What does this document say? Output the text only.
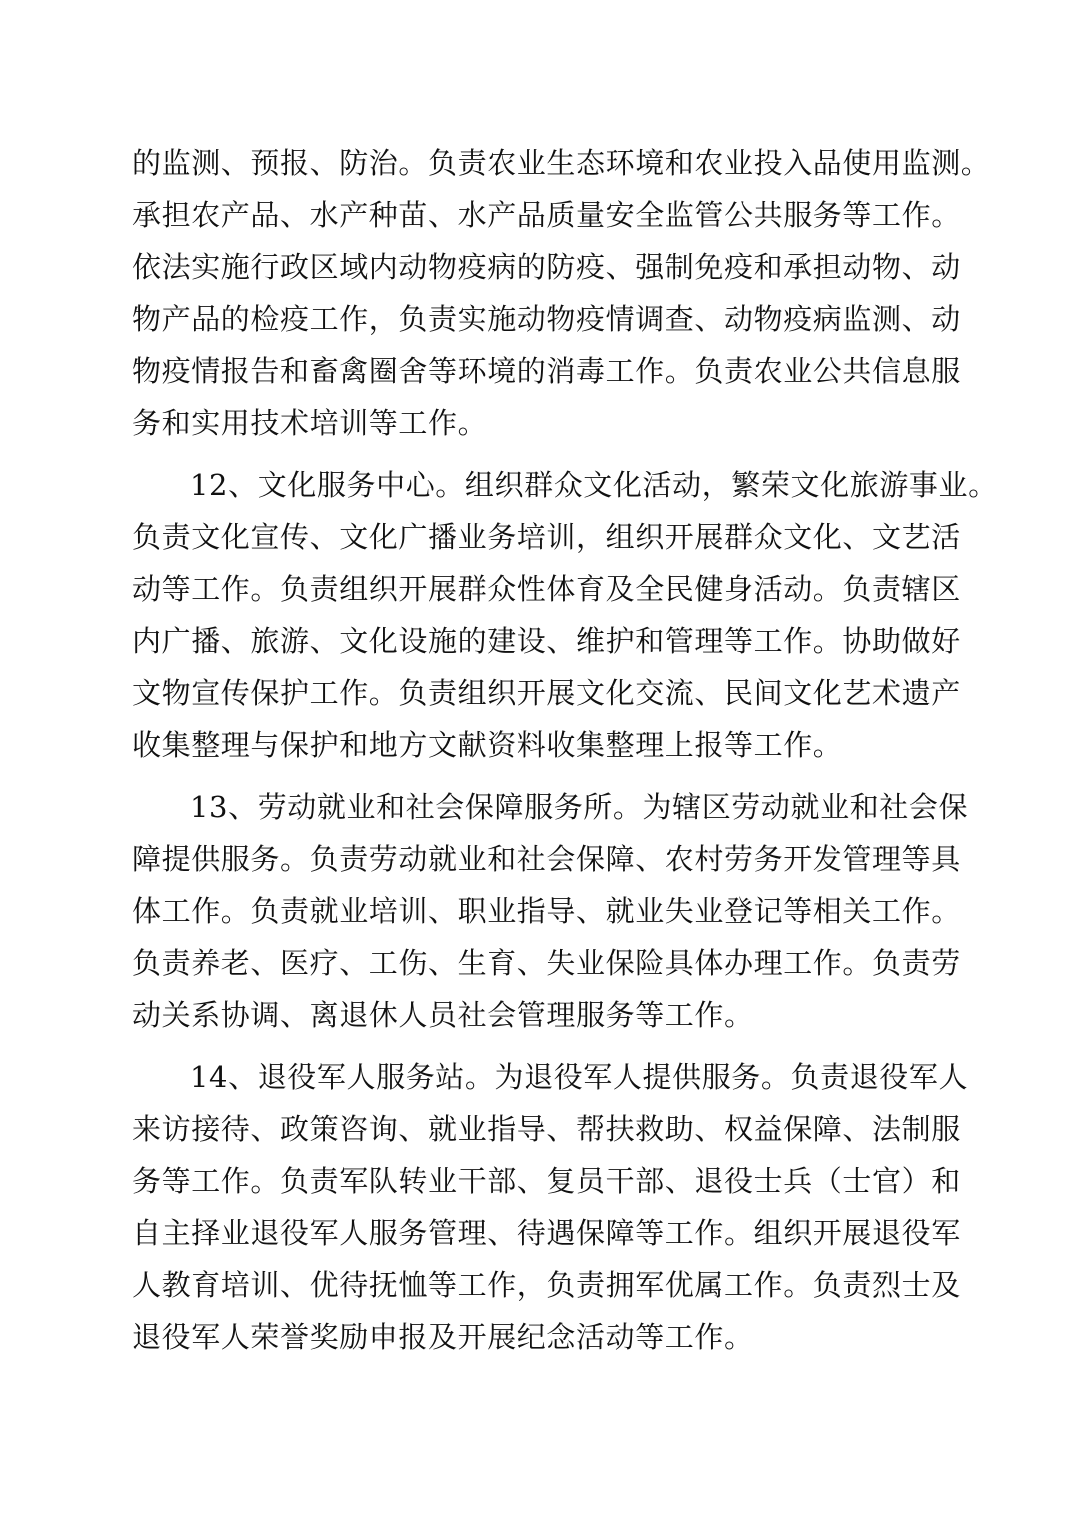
的监测、预报、防治。负责农业生态环境和农业投入品使用监测。
承担农产品、水产种苗、水产品质量安全监管公共服务等工作。
依法实施行政区域内动物疫病的防疫、强制免疫和承担动物、动
物产品的检疫工作，负责实施动物疫情调查、动物疫病监测、动
物疫情报告和畜禽圈舍等环境的消毒工作。负责农业公共信息服
务和实用技术培训等工作。
12、文化服务中心。组织群众文化活动，繁荣文化旅游事业。
负责文化宣传、文化广播业务培训，组织开展群众文化、文艺活
动等工作。负责组织开展群众性体育及全民健身活动。负责辖区
内广播、旅游、文化设施的建设、维护和管理等工作。协助做好
文物宣传保护工作。负责组织开展文化交流、民间文化艺术遗产
收集整理与保护和地方文献资料收集整理上报等工作。
13、劳动就业和社会保障服务所。为辖区劳动就业和社会保
障提供服务。负责劳动就业和社会保障、农村劳务开发管理等具
体工作。负责就业培训、职业指导、就业失业登记等相关工作。
负责养老、医疗、工伤、生育、失业保险具体办理工作。负责劳
动关系协调、离退休人员社会管理服务等工作。
14、退役军人服务站。为退役军人提供服务。负责退役军人
来访接待、政策咨询、就业指导、帮扶救助、权益保障、法制服
务等工作。负责军队转业干部、复员干部、退役士兵（士官）和
自主择业退役军人服务管理、待遇保障等工作。组织开展退役军
人教育培训、优待抚恤等工作，负责拥军优属工作。负责烈士及
退役军人荣誉奖励申报及开展纪念活动等工作。
